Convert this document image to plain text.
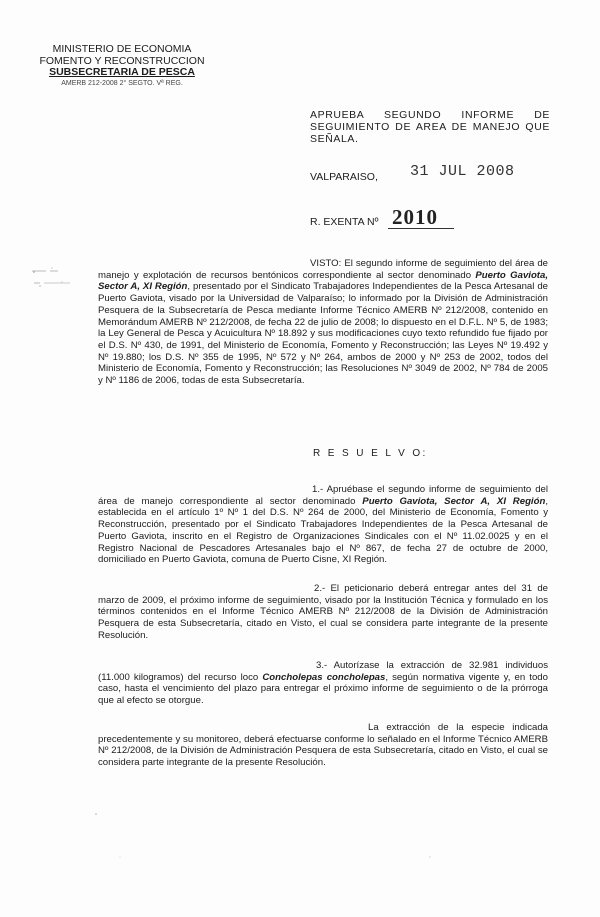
MINISTERIO DE ECONOMIA
FOMENTO Y RECONSTRUCCION
SUBSECRETARIA DE PESCA
AMERB 212-2008 2° SEGTO. Vª REG.
APRUEBA SEGUNDO INFORME DE SEGUIMIENTO DE AREA DE MANEJO QUE SEÑALA.
VALPARAISO, 31 JUL 2008
R. EXENTA Nº 2010
VISTO: El segundo informe de seguimiento del área de manejo y explotación de recursos bentónicos correspondiente al sector denominado Puerto Gaviota, Sector A, XI Región, presentado por el Sindicato Trabajadores Independientes de la Pesca Artesanal de Puerto Gaviota, visado por la Universidad de Valparaíso; lo informado por la División de Administración Pesquera de la Subsecretaría de Pesca mediante Informe Técnico AMERB Nº 212/2008, contenido en Memorándum AMERB Nº 212/2008, de fecha 22 de julio de 2008; lo dispuesto en el D.F.L. Nº 5, de 1983; la Ley General de Pesca y Acuicultura Nº 18.892 y sus modificaciones cuyo texto refundido fue fijado por el D.S. Nº 430, de 1991, del Ministerio de Economía, Fomento y Reconstrucción; las Leyes Nº 19.492 y Nº 19.880; los D.S. Nº 355 de 1995, Nº 572 y Nº 264, ambos de 2000 y Nº 253 de 2002, todos del Ministerio de Economía, Fomento y Reconstrucción; las Resoluciones Nº 3049 de 2002, Nº 784 de 2005 y Nº 1186 de 2006, todas de esta Subsecretaría.
R E S U E L V O:
1.- Apruébase el segundo informe de seguimiento del área de manejo correspondiente al sector denominado Puerto Gaviota, Sector A, XI Región, establecida en el artículo 1º Nº 1 del D.S. Nº 264 de 2000, del Ministerio de Economía, Fomento y Reconstrucción, presentado por el Sindicato Trabajadores Independientes de la Pesca Artesanal de Puerto Gaviota, inscrito en el Registro de Organizaciones Sindicales con el Nº 11.02.0025 y en el Registro Nacional de Pescadores Artesanales bajo el Nº 867, de fecha 27 de octubre de 2000, domiciliado en Puerto Gaviota, comuna de Puerto Cisne, XI Región.
2.- El peticionario deberá entregar antes del 31 de marzo de 2009, el próximo informe de seguimiento, visado por la Institución Técnica y formulado en los términos contenidos en el Informe Técnico AMERB Nº 212/2008 de la División de Administración Pesquera de esta Subsecretaría, citado en Visto, el cual se considera parte integrante de la presente Resolución.
3.- Autorízase la extracción de 32.981 individuos (11.000 kilogramos) del recurso loco Concholepas concholepas, según normativa vigente y, en todo caso, hasta el vencimiento del plazo para entregar el próximo informe de seguimiento o de la prórroga que al efecto se otorgue.
La extracción de la especie indicada precedentemente y su monitoreo, deberá efectuarse conforme lo señalado en el Informe Técnico AMERB Nº 212/2008, de la División de Administración Pesquera de esta Subsecretaría, citado en Visto, el cual se considera parte integrante de la presente Resolución.
